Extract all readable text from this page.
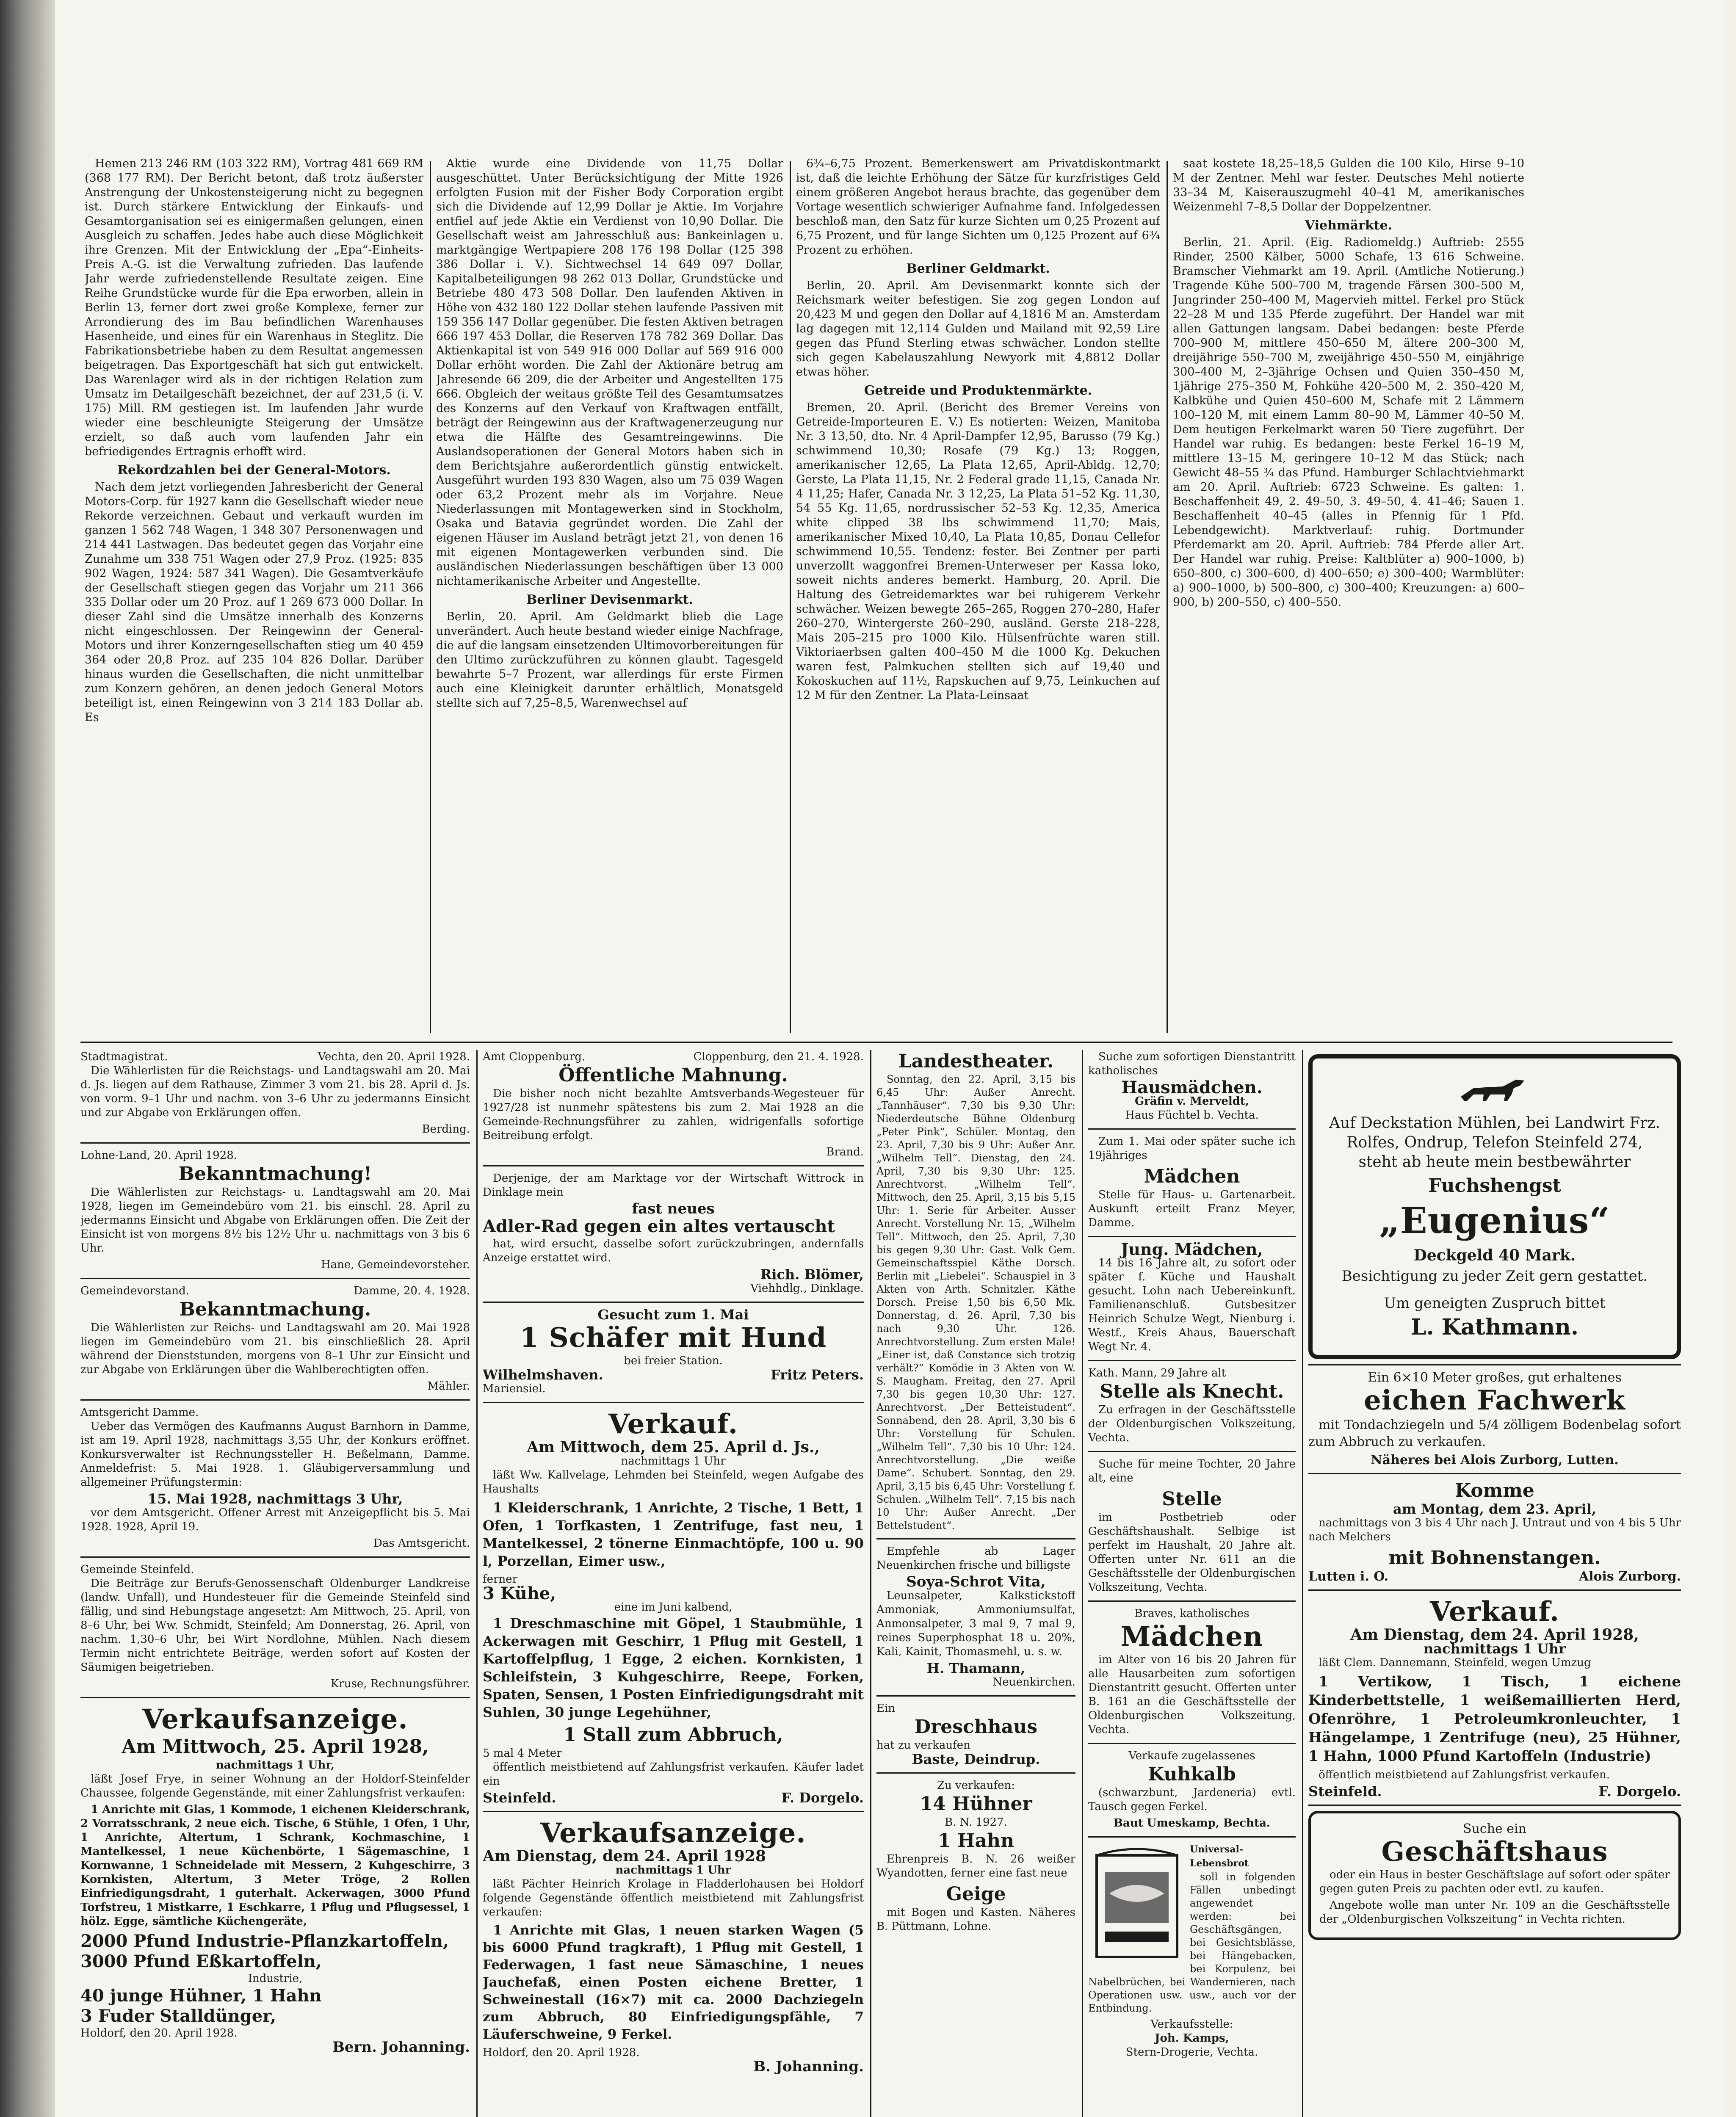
Hemen 213 246 RM (103 322 RM), Vortrag 481 669 RM (368 177 RM). Der Bericht betont, daß trotz äußerster Anstrengung der Unkostensteigerung nicht zu begegnen ist. Durch stärkere Entwicklung der Einkaufs- und Gesamtorganisation sei es einigermaßen gelungen, einen Ausgleich zu schaffen. Jedes habe auch diese Möglichkeit ihre Grenzen. Mit der Entwicklung der „Epa“-Einheits-Preis A.-G. ist die Verwaltung zufrieden. Das laufende Jahr werde zufriedenstellende Resultate zeigen. Eine Reihe Grundstücke wurde für die Epa erworben, allein in Berlin 13, ferner dort zwei große Komplexe, ferner zur Arrondierung des im Bau befindlichen Warenhauses Hasenheide, und eines für ein Warenhaus in Steglitz. Die Fabrikationsbetriebe haben zu dem Resultat angemessen beigetragen. Das Exportgeschäft hat sich gut entwickelt. Das Warenlager wird als in der richtigen Relation zum Umsatz im Detailgeschäft bezeichnet, der auf 231,5 (i. V. 175) Mill. RM gestiegen ist. Im laufenden Jahr wurde wieder eine beschleunigte Steigerung der Umsätze erzielt, so daß auch vom laufenden Jahr ein befriedigendes Ertragnis erhofft wird.

Rekordzahlen bei der General-Motors.

Nach dem jetzt vorliegenden Jahresbericht der General Motors-Corp. für 1927 kann die Gesellschaft wieder neue Rekorde verzeichnen. Gebaut und verkauft wurden im ganzen 1 562 748 Wagen, 1 348 307 Personenwagen und 214 441 Lastwagen. Das bedeutet gegen das Vorjahr eine Zunahme um 338 751 Wagen oder 27,9 Proz. (1925: 835 902 Wagen, 1924: 587 341 Wagen). Die Gesamtverkäufe der Gesellschaft stiegen gegen das Vorjahr um 211 366 335 Dollar oder um 20 Proz. auf 1 269 673 000 Dollar. In dieser Zahl sind die Umsätze innerhalb des Konzerns nicht eingeschlossen. Der Reingewinn der General-Motors und ihrer Konzerngesellschaften stieg um 40 459 364 oder 20,8 Proz. auf 235 104 826 Dollar. Darüber hinaus wurden die Gesellschaften, die nicht unmittelbar zum Konzern gehören, an denen jedoch General Motors beteiligt ist, einen Reingewinn von 3 214 183 Dollar ab. Es

Aktie wurde eine Dividende von 11,75 Dollar ausgeschüttet. Unter Berücksichtigung der Mitte 1926 erfolgten Fusion mit der Fisher Body Corporation ergibt sich die Dividende auf 12,99 Dollar je Aktie. Im Vorjahre entfiel auf jede Aktie ein Verdienst von 10,90 Dollar. Die Gesellschaft weist am Jahresschluß aus: Bankeinlagen u. marktgängige Wertpapiere 208 176 198 Dollar (125 398 386 Dollar i. V.). Sichtwechsel 14 649 097 Dollar, Kapitalbeteiligungen 98 262 013 Dollar, Grundstücke und Betriebe 480 473 508 Dollar. Den laufenden Aktiven in Höhe von 432 180 122 Dollar stehen laufende Passiven mit 159 356 147 Dollar gegenüber. Die festen Aktiven betragen 666 197 453 Dollar, die Reserven 178 782 369 Dollar. Das Aktienkapital ist von 549 916 000 Dollar auf 569 916 000 Dollar erhöht worden. Die Zahl der Aktionäre betrug am Jahresende 66 209, die der Arbeiter und Angestellten 175 666. Obgleich der weitaus größte Teil des Gesamtumsatzes des Konzerns auf den Verkauf von Kraftwagen entfällt, beträgt der Reingewinn aus der Kraftwagenerzeugung nur etwa die Hälfte des Gesamtreingewinns. Die Auslandsoperationen der General Motors haben sich in dem Berichtsjahre außerordentlich günstig entwickelt. Ausgeführt wurden 193 830 Wagen, also um 75 039 Wagen oder 63,2 Prozent mehr als im Vorjahre. Neue Niederlassungen mit Montagewerken sind in Stockholm, Osaka und Batavia gegründet worden. Die Zahl der eigenen Häuser im Ausland beträgt jetzt 21, von denen 16 mit eigenen Montagewerken verbunden sind. Die ausländischen Niederlassungen beschäftigen über 13 000 nichtamerikanische Arbeiter und Angestellte.

Berliner Devisenmarkt.

Berlin, 20. April. Am Geldmarkt blieb die Lage unverändert. Auch heute bestand wieder einige Nachfrage, die auf die langsam einsetzenden Ultimovorbereitungen für den Ultimo zurückzuführen zu können glaubt. Tagesgeld bewahrte 5–7 Prozent, war allerdings für erste Firmen auch eine Kleinigkeit darunter erhältlich, Monatsgeld stellte sich auf 7,25–8,5, Warenwechsel auf

6¾–6,75 Prozent. Bemerkenswert am Privatdiskontmarkt ist, daß die leichte Erhöhung der Sätze für kurzfristiges Geld einem größeren Angebot heraus brachte, das gegenüber dem Vortage wesentlich schwieriger Aufnahme fand. Infolgedessen beschloß man, den Satz für kurze Sichten um 0,25 Prozent auf 6,75 Prozent, und für lange Sichten um 0,125 Prozent auf 6¾ Prozent zu erhöhen.

Berliner Geldmarkt.

Berlin, 20. April. Am Devisenmarkt konnte sich der Reichsmark weiter befestigen. Sie zog gegen London auf 20,423 M und gegen den Dollar auf 4,1816 M an. Amsterdam lag dagegen mit 12,114 Gulden und Mailand mit 92,59 Lire gegen das Pfund Sterling etwas schwächer. London stellte sich gegen Kabelauszahlung Newyork mit 4,8812 Dollar etwas höher.

Getreide und Produktenmärkte.

Bremen, 20. April. (Bericht des Bremer Vereins von Getreide-Importeuren E. V.) Es notierten: Weizen, Manitoba Nr. 3 13,50, dto. Nr. 4 April-Dampfer 12,95, Barusso (79 Kg.) schwimmend 10,30; Rosafe (79 Kg.) 13; Roggen, amerikanischer 12,65, La Plata 12,65, April-Abldg. 12,70; Gerste, La Plata 11,15, Nr. 2 Federal grade 11,15, Canada Nr. 4 11,25; Hafer, Canada Nr. 3 12,25, La Plata 51–52 Kg. 11,30, 54 55 Kg. 11,65, nordrussischer 52–53 Kg. 12,35, America white clipped 38 lbs schwimmend 11,70; Mais, amerikanischer Mixed 10,40, La Plata 10,85, Donau Cellefor schwimmend 10,55. Tendenz: fester. Bei Zentner per parti unverzollt waggonfrei Bremen-Unterweser per Kassa loko, soweit nichts anderes bemerkt. Hamburg, 20. April. Die Haltung des Getreidemarktes war bei ruhigerem Verkehr schwächer. Weizen bewegte 265–265, Roggen 270–280, Hafer 260–270, Wintergerste 260–290, ausländ. Gerste 218–228, Mais 205–215 pro 1000 Kilo. Hülsenfrüchte waren still. Viktoriaerbsen galten 400–450 M die 1000 Kg. Dekuchen waren fest, Palmkuchen stellten sich auf 19,40 und Kokoskuchen auf 11½, Rapskuchen auf 9,75, Leinkuchen auf 12 M für den Zentner. La Plata-Leinsaat

saat kostete 18,25–18,5 Gulden die 100 Kilo, Hirse 9–10 M der Zentner. Mehl war fester. Deutsches Mehl notierte 33–34 M, Kaiserauszugmehl 40–41 M, amerikanisches Weizenmehl 7–8,5 Dollar der Doppelzentner.

Viehmärkte.

Berlin, 21. April. (Eig. Radiomeldg.) Auftrieb: 2555 Rinder, 2500 Kälber, 5000 Schafe, 13 616 Schweine. Bramscher Viehmarkt am 19. April. (Amtliche Notierung.) Tragende Kühe 500–700 M, tragende Färsen 300–500 M, Jungrinder 250–400 M, Magervieh mittel. Ferkel pro Stück 22–28 M und 135 Pferde zugeführt. Der Handel war mit allen Gattungen langsam. Dabei bedangen: beste Pferde 700–900 M, mittlere 450–650 M, ältere 200–300 M, dreijährige 550–700 M, zweijährige 450–550 M, einjährige 300–400 M, 2–3jährige Ochsen und Quien 350–450 M, 1jährige 275–350 M, Fohkühe 420–500 M, 2. 350–420 M, Kalbkühe und Quien 450–600 M, Schafe mit 2 Lämmern 100–120 M, mit einem Lamm 80–90 M, Lämmer 40–50 M. Dem heutigen Ferkelmarkt waren 50 Tiere zugeführt. Der Handel war ruhig. Es bedangen: beste Ferkel 16–19 M, mittlere 13–15 M, geringere 10–12 M das Stück; nach Gewicht 48–55 ¾ das Pfund. Hamburger Schlachtviehmarkt am 20. April. Auftrieb: 6723 Schweine. Es galten: 1. Beschaffenheit 49, 2. 49–50, 3. 49–50, 4. 41–46; Sauen 1. Beschaffenheit 40–45 (alles in Pfennig für 1 Pfd. Lebendgewicht). Marktverlauf: ruhig. Dortmunder Pferdemarkt am 20. April. Auftrieb: 784 Pferde aller Art. Der Handel war ruhig. Preise: Kaltblüter a) 900–1000, b) 650–800, c) 300–600, d) 400–650; e) 300–400; Warmblüter: a) 900–1000, b) 500–800, c) 300–400; Kreuzungen: a) 600–900, b) 200–550, c) 400–550.

Stadtmagistrat.	Vechta, den 20. April 1928.

Die Wählerlisten für die Reichstags- und Landtagswahl am 20. Mai d. Js. liegen auf dem Rathause, Zimmer 3 vom 21. bis 28. April d. Js. von vorm. 9–1 Uhr und nachm. von 3–6 Uhr zu jedermanns Einsicht und zur Abgabe von Erklärungen offen.

Berding.
Lohne-Land, 20. April 1928.
Bekanntmachung!

Die Wählerlisten zur Reichstags- u. Landtagswahl am 20. Mai 1928, liegen im Gemeindebüro vom 21. bis einschl. 28. April zu jedermanns Einsicht und Abgabe von Erklärungen offen. Die Zeit der Einsicht ist von morgens 8½ bis 12½ Uhr u. nachmittags von 3 bis 6 Uhr.

Hane, Gemeindevorsteher.
Gemeindevorstand.	Damme, 20. 4. 1928.
Bekanntmachung.

Die Wählerlisten zur Reichs- und Landtagswahl am 20. Mai 1928 liegen im Gemeindebüro vom 21. bis einschließlich 28. April während der Dienststunden, morgens von 8–1 Uhr zur Einsicht und zur Abgabe von Erklärungen über die Wahlberechtigten offen.

Mähler.
Amtsgericht Damme.

Ueber das Vermögen des Kaufmanns August Barnhorn in Damme, ist am 19. April 1928, nachmittags 3,55 Uhr, der Konkurs eröffnet. Konkursverwalter ist Rechnungssteller H. Beßelmann, Damme. Anmeldefrist: 5. Mai 1928. 1. Gläubigerversammlung und allgemeiner Prüfungstermin:

15. Mai 1928, nachmittags 3 Uhr,

vor dem Amtsgericht. Offener Arrest mit Anzeigepflicht bis 5. Mai 1928. 1928, April 19.

Das Amtsgericht.
Gemeinde Steinfeld.

Die Beiträge zur Berufs-Genossenschaft Oldenburger Landkreise (landw. Unfall), und Hundesteuer für die Gemeinde Steinfeld sind fällig, und sind Hebungstage angesetzt: Am Mittwoch, 25. April, von 8–6 Uhr, bei Ww. Schmidt, Steinfeld; Am Donnerstag, 26. April, von nachm. 1,30–6 Uhr, bei Wirt Nordlohne, Mühlen. Nach diesem Termin nicht entrichtete Beiträge, werden sofort auf Kosten der Säumigen beigetrieben.

Kruse, Rechnungsführer.
Verkaufsanzeige.
Am Mittwoch, 25. April 1928,
nachmittags 1 Uhr,

läßt Josef Frye, in seiner Wohnung an der Holdorf-Steinfelder Chaussee, folgende Gegenstände, mit einer Zahlungsfrist verkaufen:

1 Anrichte mit Glas, 1 Kommode, 1 eichenen Kleiderschrank, 2 Vorratsschrank, 2 neue eich. Tische, 6 Stühle, 1 Ofen, 1 Uhr, 1 Anrichte, Altertum, 1 Schrank, Kochmaschine, 1 Mantelkessel, 1 neue Küchenbörte, 1 Sägemaschine, 1 Kornwanne, 1 Schneidelade mit Messern, 2 Kuhgeschirre, 3 Kornkisten, Altertum, 3 Meter Tröge, 2 Rollen Einfriedigungsdraht, 1 guterhalt. Ackerwagen, 3000 Pfund Torfstreu, 1 Mistkarre, 1 Eschkarre, 1 Pflug und Pflugsessel, 1 hölz. Egge, sämtliche Küchengeräte,

2000 Pfund Industrie-Pflanzkartoffeln,
3000 Pfund Eßkartoffeln,
Industrie,
40 junge Hühner, 1 Hahn
3 Fuder Stalldünger,
Holdorf, den 20. April 1928.
Bern. Johanning.
Amt Cloppenburg.	Cloppenburg, den 21. 4. 1928.
Öffentliche Mahnung.

Die bisher noch nicht bezahlte Amtsverbands-Wegesteuer für 1927/28 ist nunmehr spätestens bis zum 2. Mai 1928 an die Gemeinde-Rechnungsführer zu zahlen, widrigenfalls sofortige Beitreibung erfolgt.

Brand.

Derjenige, der am Marktage vor der Wirtschaft Wittrock in Dinklage mein

fast neues
Adler-Rad gegen ein altes vertauscht

hat, wird ersucht, dasselbe sofort zurückzubringen, andernfalls Anzeige erstattet wird.

Rich. Blömer,
Viehhdlg., Dinklage.
Gesucht zum 1. Mai
1 Schäfer mit Hund
bei freier Station.
Wilhelmshaven.	Fritz Peters.
Mariensiel.
Verkauf.
Am Mittwoch, dem 25. April d. Js.,
nachmittags 1 Uhr

läßt Ww. Kallvelage, Lehmden bei Steinfeld, wegen Aufgabe des Haushalts

1 Kleiderschrank, 1 Anrichte, 2 Tische, 1 Bett, 1 Ofen, 1 Torfkasten, 1 Zentrifuge, fast neu, 1 Mantelkessel, 2 tönerne Einmachtöpfe, 100 u. 90 l, Porzellan, Eimer usw.,

ferner
3 Kühe,
eine im Juni kalbend,

1 Dreschmaschine mit Göpel, 1 Staubmühle, 1 Ackerwagen mit Geschirr, 1 Pflug mit Gestell, 1 Kartoffelpflug, 1 Egge, 2 eichen. Kornkisten, 1 Schleifstein, 3 Kuhgeschirre, Reepe, Forken, Spaten, Sensen, 1 Posten Einfriedigungsdraht mit Suhlen, 30 junge Legehühner,

1 Stall zum Abbruch,
5 mal 4 Meter

öffentlich meistbietend auf Zahlungsfrist verkaufen. Käufer ladet ein

Steinfeld.	F. Dorgelo.
Verkaufsanzeige.
Am Dienstag, dem 24. April 1928
nachmittags 1 Uhr

läßt Pächter Heinrich Krolage in Fladderlohausen bei Holdorf folgende Gegenstände öffentlich meistbietend mit Zahlungsfrist verkaufen:

1 Anrichte mit Glas, 1 neuen starken Wagen (5 bis 6000 Pfund tragkraft), 1 Pflug mit Gestell, 1 Federwagen, 1 fast neue Sämaschine, 1 neues Jauchefaß, einen Posten eichene Bretter, 1 Schweinestall (16×7) mit ca. 2000 Dachziegeln zum Abbruch, 80 Einfriedigungspfähle, 7 Läuferschweine, 9 Ferkel.

Holdorf, den 20. April 1928.
B. Johanning.
Landestheater.

Sonntag, den 22. April, 3,15 bis 6,45 Uhr: Außer Anrecht. „Tannhäuser“. 7,30 bis 9,30 Uhr: Niederdeutsche Bühne Oldenburg „Peter Pink“, Schüler. Montag, den 23. April, 7,30 bis 9 Uhr: Außer Anr. „Wilhelm Tell“. Dienstag, den 24. April, 7,30 bis 9,30 Uhr: 125. Anrechtvorst. „Wilhelm Tell“. Mittwoch, den 25. April, 3,15 bis 5,15 Uhr: 1. Serie für Arbeiter. Ausser Anrecht. Vorstellung Nr. 15, „Wilhelm Tell“. Mittwoch, den 25. April, 7,30 bis gegen 9,30 Uhr: Gast. Volk Gem. Gemeinschaftsspiel Käthe Dorsch. Berlin mit „Liebelei“. Schauspiel in 3 Akten von Arth. Schnitzler. Käthe Dorsch. Preise 1,50 bis 6,50 Mk. Donnerstag, d. 26. April, 7,30 bis nach 9,30 Uhr. 126. Anrechtvorstellung. Zum ersten Male! „Einer ist, daß Constance sich trotzig verhält?“ Komödie in 3 Akten von W. S. Maugham. Freitag, den 27. April 7,30 bis gegen 10,30 Uhr: 127. Anrechtvorst. „Der Betteistudent“. Sonnabend, den 28. April, 3,30 bis 6 Uhr: Vorstellung für Schulen. „Wilhelm Tell“. 7,30 bis 10 Uhr: 124. Anrechtvorstellung. „Die weiße Dame“. Schubert. Sonntag, den 29. April, 3,15 bis 6,45 Uhr: Vorstellung f. Schulen. „Wilhelm Tell“. 7,15 bis nach 10 Uhr: Außer Anrecht. „Der Bettelstudent“.

Empfehle ab Lager Neuenkirchen frische und billigste

Soya-Schrot Vita,

Leunsalpeter, Kalkstickstoff Ammoniak, Ammoniumsulfat, Anmonsalpeter, 3 mal 9, 7 mal 9, reines Superphosphat 18 u. 20%, Kali, Kainit, Thomasmehl, u. s. w.

H. Thamann,
Neuenkirchen.
Ein
Dreschhaus
hat zu verkaufen
Baste, Deindrup.
Zu verkaufen:
14 Hühner
B. N. 1927.
1 Hahn

Ehrenpreis B. N. 26 weißer Wyandotten, ferner eine fast neue

Geige

mit Bogen und Kasten. Näheres B. Püttmann, Lohne.

Suche zum sofortigen Dienstantritt katholisches

Hausmädchen.
Gräfin v. Merveldt,
Haus Füchtel b. Vechta.

Zum 1. Mai oder später suche ich 19jähriges

Mädchen

Stelle für Haus- u. Gartenarbeit. Auskunft erteilt Franz Meyer, Damme.

Jung. Mädchen,

14 bis 16 Jahre alt, zu sofort oder später f. Küche und Haushalt gesucht. Lohn nach Uebereinkunft. Familienanschluß. Gutsbesitzer Heinrich Schulze Wegt, Nienburg i. Westf., Kreis Ahaus, Bauerschaft Wegt Nr. 4.

Kath. Mann, 29 Jahre alt
Stelle als Knecht.

Zu erfragen in der Geschäftsstelle der Oldenburgischen Volkszeitung, Vechta.

Suche für meine Tochter, 20 Jahre alt, eine

Stelle

im Postbetrieb oder Geschäftshaushalt. Selbige ist perfekt im Haushalt, 20 Jahre alt. Offerten unter Nr. 611 an die Geschäftsstelle der Oldenburgischen Volkszeitung, Vechta.

Braves, katholisches
Mädchen

im Alter von 16 bis 20 Jahren für alle Hausarbeiten zum sofortigen Dienstantritt gesucht. Offerten unter B. 161 an die Geschäftsstelle der Oldenburgischen Volkszeitung, Vechta.

Verkaufe zugelassenes
Kuhkalb

(schwarzbunt, Jardeneria) evtl. Tausch gegen Ferkel.

Baut Umeskamp, Bechta.
Universal-Lebensbrot

soll in folgenden Fällen unbedingt angewendet werden: bei Geschäftsgängen, bei Gesichtsblässe, bei Hängebacken, bei Korpulenz, bei Nabelbrüchen, bei Wandernieren, nach Operationen usw. usw., auch vor der Entbindung.

Verkaufsstelle:
Joh. Kamps,
Stern-Drogerie, Vechta.

Auf Deckstation Mühlen, bei Landwirt Frz. Rolfes, Ondrup, Telefon Steinfeld 274, steht ab heute mein bestbewährter

Fuchshengst
„Eugenius“
Deckgeld 40 Mark.
Besichtigung zu jeder Zeit gern gestattet.
Um geneigten Zuspruch bittet
L. Kathmann.
Ein 6×10 Meter großes, gut erhaltenes
eichen Fachwerk

mit Tondachziegeln und 5/4 zölligem Bodenbelag sofort zum Abbruch zu verkaufen.

Näheres bei Alois Zurborg, Lutten.
Komme
am Montag, dem 23. April,

nachmittags von 3 bis 4 Uhr nach J. Untraut und von 4 bis 5 Uhr nach Melchers

mit Bohnenstangen.
Lutten i. O.	Alois Zurborg.
Verkauf.
Am Dienstag, dem 24. April 1928,
nachmittags 1 Uhr

läßt Clem. Dannemann, Steinfeld, wegen Umzug

1 Vertikow, 1 Tisch, 1 eichene Kinderbettstelle, 1 weißemaillierten Herd, Ofenröhre, 1 Petroleumkronleuchter, 1 Hängelampe, 1 Zentrifuge (neu), 25 Hühner, 1 Hahn, 1000 Pfund Kartoffeln (Industrie)

öffentlich meistbietend auf Zahlungsfrist verkaufen.

Steinfeld.	F. Dorgelo.
Suche ein
Geschäftshaus

oder ein Haus in bester Geschäftslage auf sofort oder später gegen guten Preis zu pachten oder evtl. zu kaufen.

Angebote wolle man unter Nr. 109 an die Geschäftsstelle der „Oldenburgischen Volkszeitung“ in Vechta richten.
